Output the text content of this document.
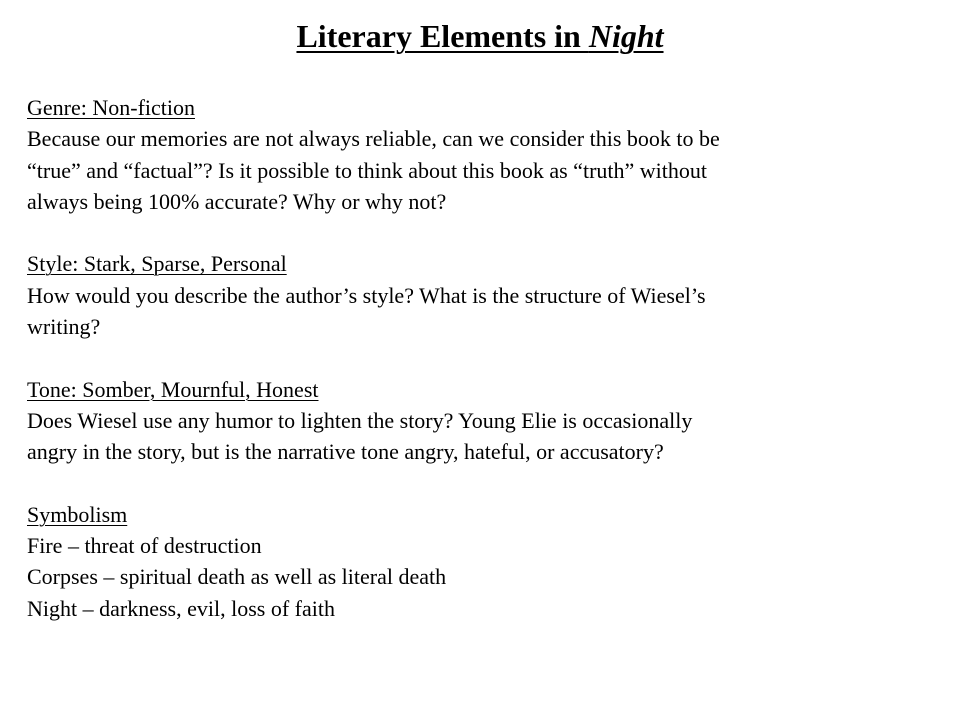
Literary Elements in Night
Genre: Non-fiction
Because our memories are not always reliable, can we consider this book to be
“true” and “factual”? Is it possible to think about this book as “truth” without
always being 100% accurate? Why or why not?
Style: Stark, Sparse, Personal
How would you describe the author’s style? What is the structure of Wiesel’s
writing?
Tone: Somber, Mournful, Honest
Does Wiesel use any humor to lighten the story? Young Elie is occasionally
angry in the story, but is the narrative tone angry, hateful, or accusatory?
Symbolism
Fire – threat of destruction
Corpses – spiritual death as well as literal death
Night – darkness, evil, loss of faith
